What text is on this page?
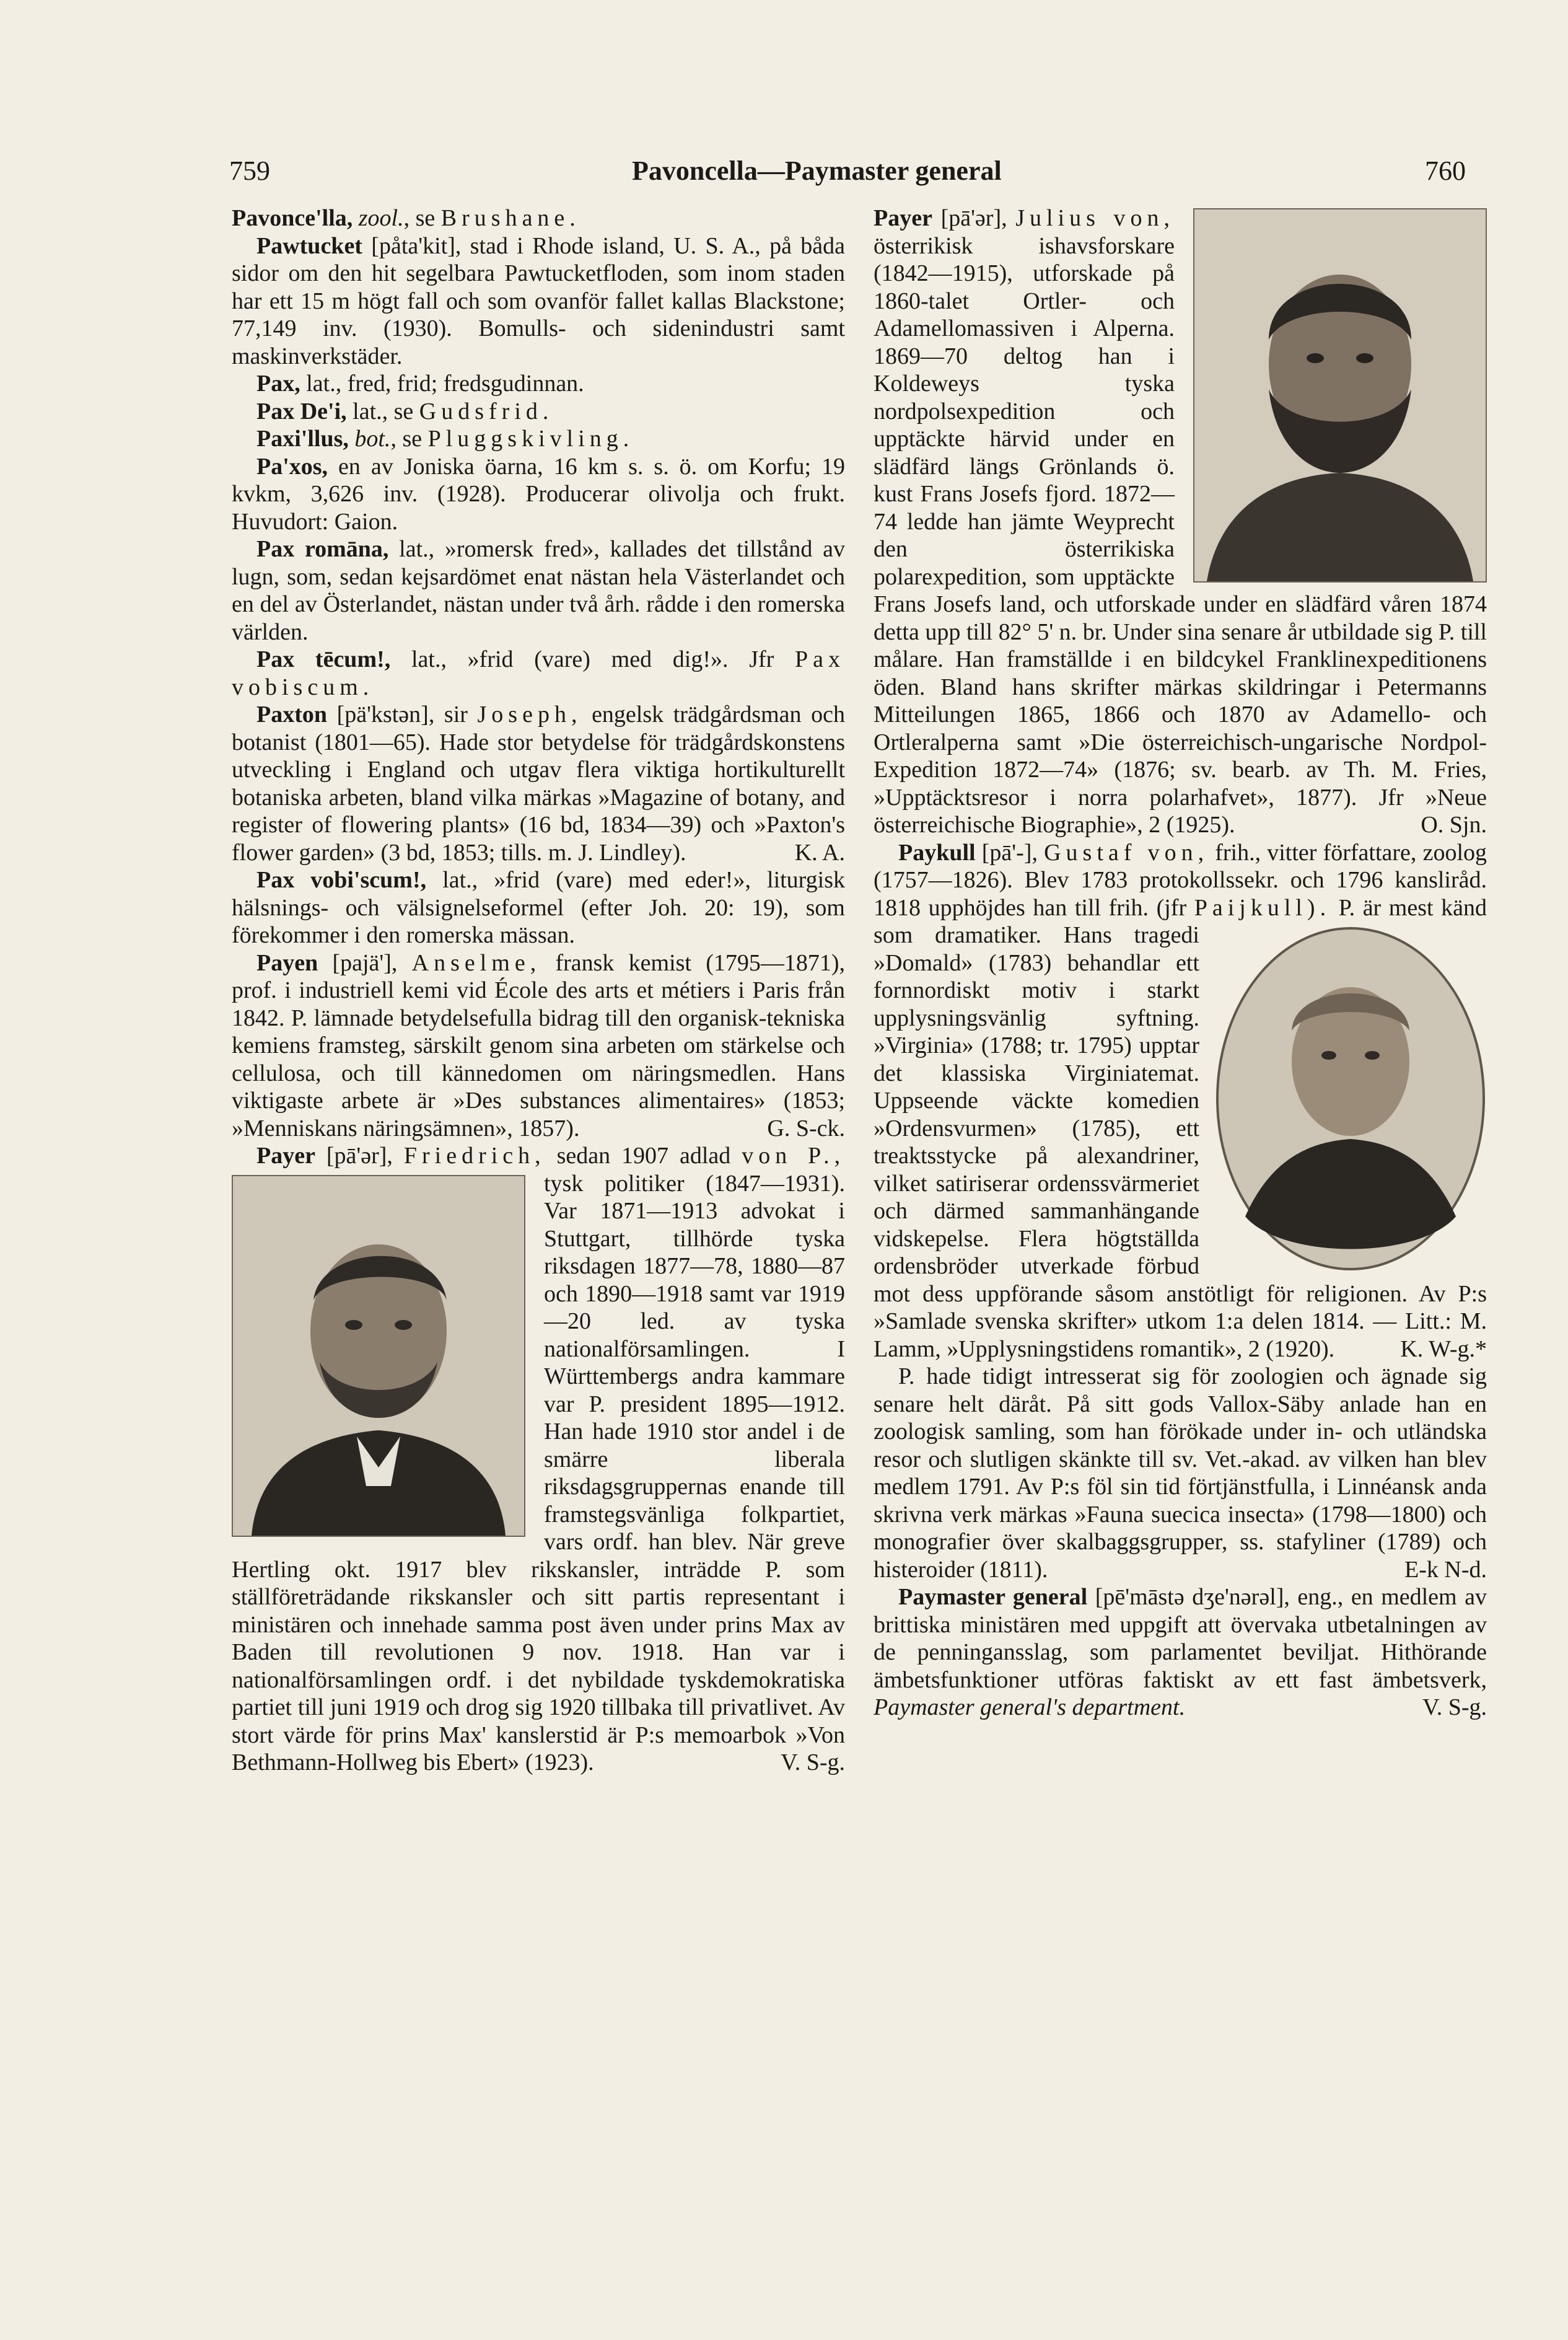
759	Pavoncella—Paymaster general	760

Pavonce'lla, zool., se Brushane.

Pawtucket [påta'kit], stad i Rhode island, U. S. A., på båda sidor om den hit segelbara Pawtucketfloden, som inom staden har ett 15 m högt fall och som ovanför fallet kallas Blackstone; 77,149 inv. (1930). Bomulls- och sidenindustri samt maskinverkstäder.

Pax, lat., fred, frid; fredsgudinnan.

Pax De'i, lat., se Gudsfrid.

Paxi'llus, bot., se Pluggskivling.

Pa'xos, en av Joniska öarna, 16 km s. s. ö. om Korfu; 19 kvkm, 3,626 inv. (1928). Producerar olivolja och frukt. Huvudort: Gaion.

Pax romāna, lat., »romersk fred», kallades det tillstånd av lugn, som, sedan kejsardömet enat nästan hela Västerlandet och en del av Österlandet, nästan under två årh. rådde i den romerska världen.

Pax tēcum!, lat., »frid (vare) med dig!». Jfr Pax vobiscum.

Paxton [pä'kstən], sir Joseph, engelsk trädgårdsman och botanist (1801—65). Hade stor betydelse för trädgårdskonstens utveckling i England och utgav flera viktiga hortikulturellt botaniska arbeten, bland vilka märkas »Magazine of botany, and register of flowering plants» (16 bd, 1834—39) och »Paxton's flower garden» (3 bd, 1853; tills. m. J. Lindley).	K. A.

Pax vobi'scum!, lat., »frid (vare) med eder!», liturgisk hälsnings- och välsignelseformel (efter Joh. 20: 19), som förekommer i den romerska mässan.

Payen [pajä'], Anselme, fransk kemist (1795—1871), prof. i industriell kemi vid École des arts et métiers i Paris från 1842. P. lämnade betydelsefulla bidrag till den organisk-tekniska kemiens framsteg, särskilt genom sina arbeten om stärkelse och cellulosa, och till kännedomen om näringsmedlen. Hans viktigaste arbete är »Des substances alimentaires» (1853; »Menniskans näringsämnen», 1857).	G. S-ck.

Payer [pā'ər], Friedrich, sedan 1907 adlad von P.,
tysk politiker (1847—1931). Var 1871—1913 advokat i Stuttgart, tillhörde tyska riksdagen 1877—78, 1880—87 och 1890—1918 samt var 1919—20 led. av tyska nationalförsamlingen. I Württembergs andra kammare var P. president 1895—1912. Han hade 1910 stor andel i de smärre liberala riksdagsgruppernas enande till framstegsvänliga folkpartiet, vars ordf. han blev. När greve Hertling okt. 1917 blev rikskansler, inträdde P. som ställföreträdande rikskansler och sitt partis representant i ministären och innehade samma post även under prins Max av Baden till revolutionen 9 nov. 1918. Han var i nationalförsamlingen ordf. i det nybildade tyskdemokratiska partiet till juni 1919 och drog sig 1920 tillbaka till privatlivet. Av stort värde för prins Max' kanslerstid är P:s memoarbok »Von Bethmann-Hollweg bis Ebert» (1923).	V. S-g.

Payer [pā'ər], Julius von,
österrikisk ishavsforskare (1842—1915), utforskade på 1860-talet Ortler- och Adamellomassiven i Alperna. 1869—70 deltog han i Koldeweys tyska nordpolsexpedition och upptäckte härvid under en slädfärd längs Grönlands ö. kust Frans Josefs fjord. 1872—74 ledde han jämte Weyprecht den österrikiska polarexpedition, som upptäckte Frans Josefs land, och utforskade under en slädfärd våren 1874 detta upp till 82° 5' n. br. Under sina senare år utbildade sig P. till målare. Han framställde i en bildcykel Franklinexpeditionens öden. Bland hans skrifter märkas skildringar i Petermanns Mitteilungen 1865, 1866 och 1870 av Adamello- och Ortleralperna samt »Die österreichisch-ungarische Nordpol-Expedition 1872—74» (1876; sv. bearb. av Th. M. Fries, »Upptäcktsresor i norra polarhafvet», 1877). Jfr »Neue österreichische Biographie», 2 (1925).	O. Sjn.

Paykull [pā'-], Gustaf von, frih., vitter författare, zoolog (1757—1826). Blev 1783 protokollssekr. och 1796 kanslіråd. 1818 upphöjdes han till frih. (jfr Paijkull). P. är mest känd som dramatiker. Hans tragedi »Domald» (1783) behandlar ett fornnordiskt motiv i starkt upplysningsvänlig syftning. »Virginia» (1788; tr. 1795) upptar det klassiska Virginiatemat. Uppseende väckte komedien »Ordensvurmen» (1785), ett treaktsstycke på alexandriner, vilket satiriserar ordenssvärmeriet och därmed sammanhängande vidskepelse. Flera högtställda ordensbröder utverkade förbud mot dess uppförande såsom anstötligt för religionen. Av P:s »Samlade svenska skrifter» utkom 1:a delen 1814. — Litt.: M. Lamm, »Upplysningstidens romantik», 2 (1920).	K. W-g.*

P. hade tidigt intresserat sig för zoologien och ägnade sig senare helt däråt. På sitt gods Vallox-Säby anlade han en zoologisk samling, som han förökade under in- och utländska resor och slutligen skänkte till sv. Vet.-akad. av vilken han blev medlem 1791. Av P:s föl sin tid förtjänstfulla, i Linnéansk anda skrivna verk märkas »Fauna suecica insecta» (1798—1800) och monografier över skalbaggsgrupper, ss. stafyliner (1789) och histeroider (1811).	E-k N-d.

Paymaster general [pē'māstə dʒe'nərəl], eng., en medlem av brittiska ministären med uppgift att övervaka utbetalningen av de penningansslag, som parlamentet beviljat. Hithörande ämbetsfunktioner utföras faktiskt av ett fast ämbetsverk, Paymaster general's department.	V. S-g.
